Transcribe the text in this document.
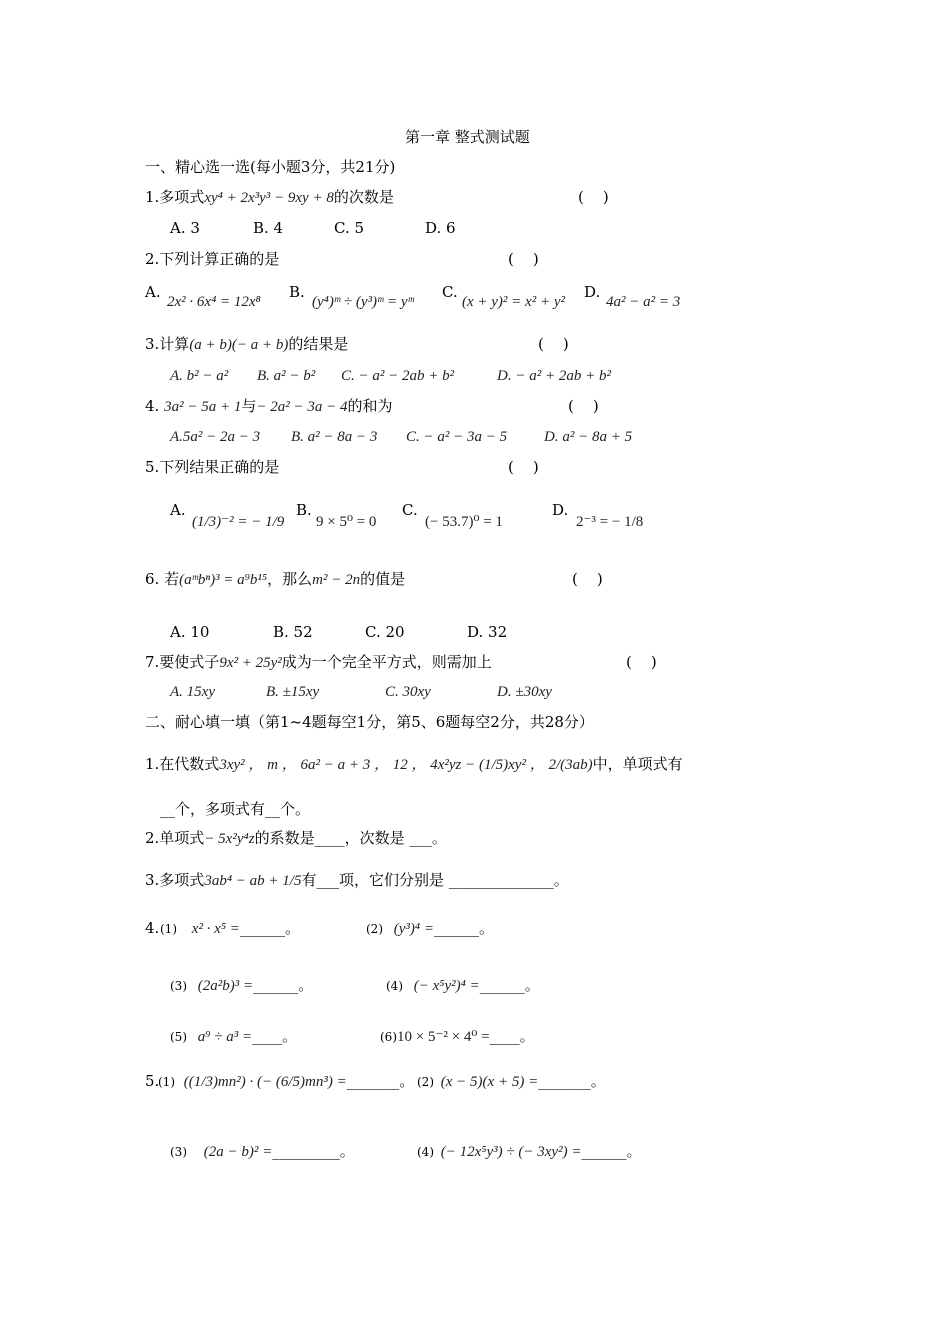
第一章 整式测试题
一、精心选一选(每小题3分，共21分)
1.多项式xy⁴ + 2x³y³ − 9xy + 8的次数是	(    )
A. 3	B. 4	C. 5	D. 6
2.下列计算正确的是	(    )
A.
2x² · 6x⁴ = 12x⁸
B.
(y⁴)ᵐ ÷ (y³)ᵐ = yᵐ
C.
(x + y)² = x² + y²
D.
4a² − a² = 3
3.计算(a + b)(− a + b)的结果是	(    )
A. b² − a² B. a² − b² C. − a² − 2ab + b²	D. − a² + 2ab + b²
4. 3a² − 5a + 1与− 2a² − 3a − 4的和为	(    )
A.5a² − 2a − 3 B. a² − 8a − 3 C. − a² − 3a − 5 D. a² − 8a + 5
5.下列结果正确的是	(    )
A.
(1/3)⁻² = − 1/9
B.
9 × 5⁰ = 0
C.
(− 53.7)⁰ = 1
D.
2⁻³ = − 1/8
6. 若(aᵐbⁿ)³ = a⁹b¹⁵，那么m² − 2n的值是	(    )
A. 10	B. 52	C. 20	D. 32
7.要使式子9x² + 25y²成为一个完全平方式，则需加上	(    )
A. 15xy	B. ±15xy	C. 30xy	D. ±30xy
二、耐心填一填（第1~4题每空1分，第5、6题每空2分，共28分）
1.在代数式3xy² ， m ， 6a² − a + 3 ， 12 ， 4x²yz − (1/5)xy² ， 2/(3ab)中，单项式有
__个，多项式有__个。
2.单项式− 5x²y⁴z的系数是____，次数是 ___。
3.多项式3ab⁴ − ab + 1/5有___项，它们分别是 ______________。
4. (1) x² · x⁵ =______。	(2) (y³)⁴ =______。
(3) (2a²b)³ =______。	(4) (− x⁵y²)⁴ =______。
(5) a⁹ ÷ a³ =____。	(6)10 × 5⁻² × 4⁰ =____。
5.
(1) ((1/3)mn²) · (− (6/5)mn³) =_______。 (2) (x − 5)(x + 5) =_______。
(3) (2a − b)² =_________。	(4) (− 12x⁵y³) ÷ (− 3xy²) =______。
